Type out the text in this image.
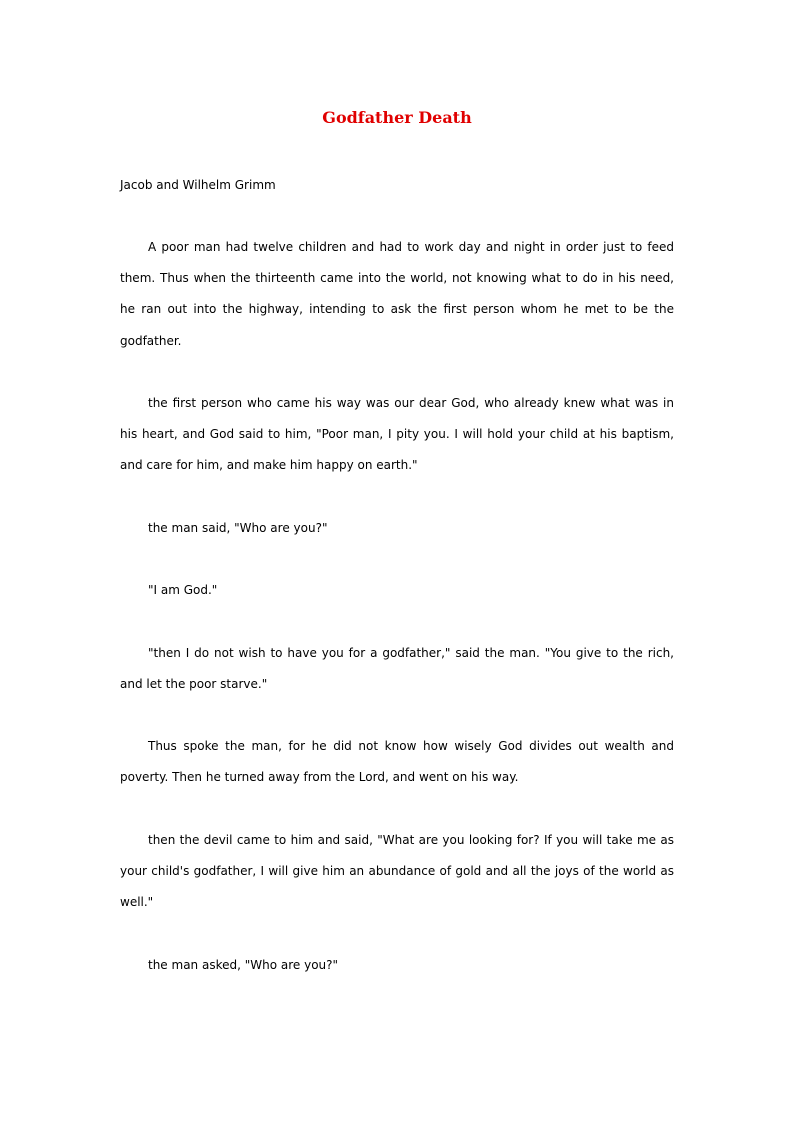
Godfather Death

Jacob and Wilhelm Grimm

A poor man had twelve children and had to work day and night in order just to feed them. Thus when the thirteenth came into the world, not knowing what to do in his need, he ran out into the highway, intending to ask the first person whom he met to be the godfather.

the first person who came his way was our dear God, who already knew what was in his heart, and God said to him, "Poor man, I pity you. I will hold your child at his baptism, and care for him, and make him happy on earth."

the man said, "Who are you?"

"I am God."

"then I do not wish to have you for a godfather," said the man. "You give to the rich, and let the poor starve."

Thus spoke the man, for he did not know how wisely God divides out wealth and poverty. Then he turned away from the Lord, and went on his way.

then the devil came to him and said, "What are you looking for? If you will take me as your child's godfather, I will give him an abundance of gold and all the joys of the world as well."

the man asked, "Who are you?"
